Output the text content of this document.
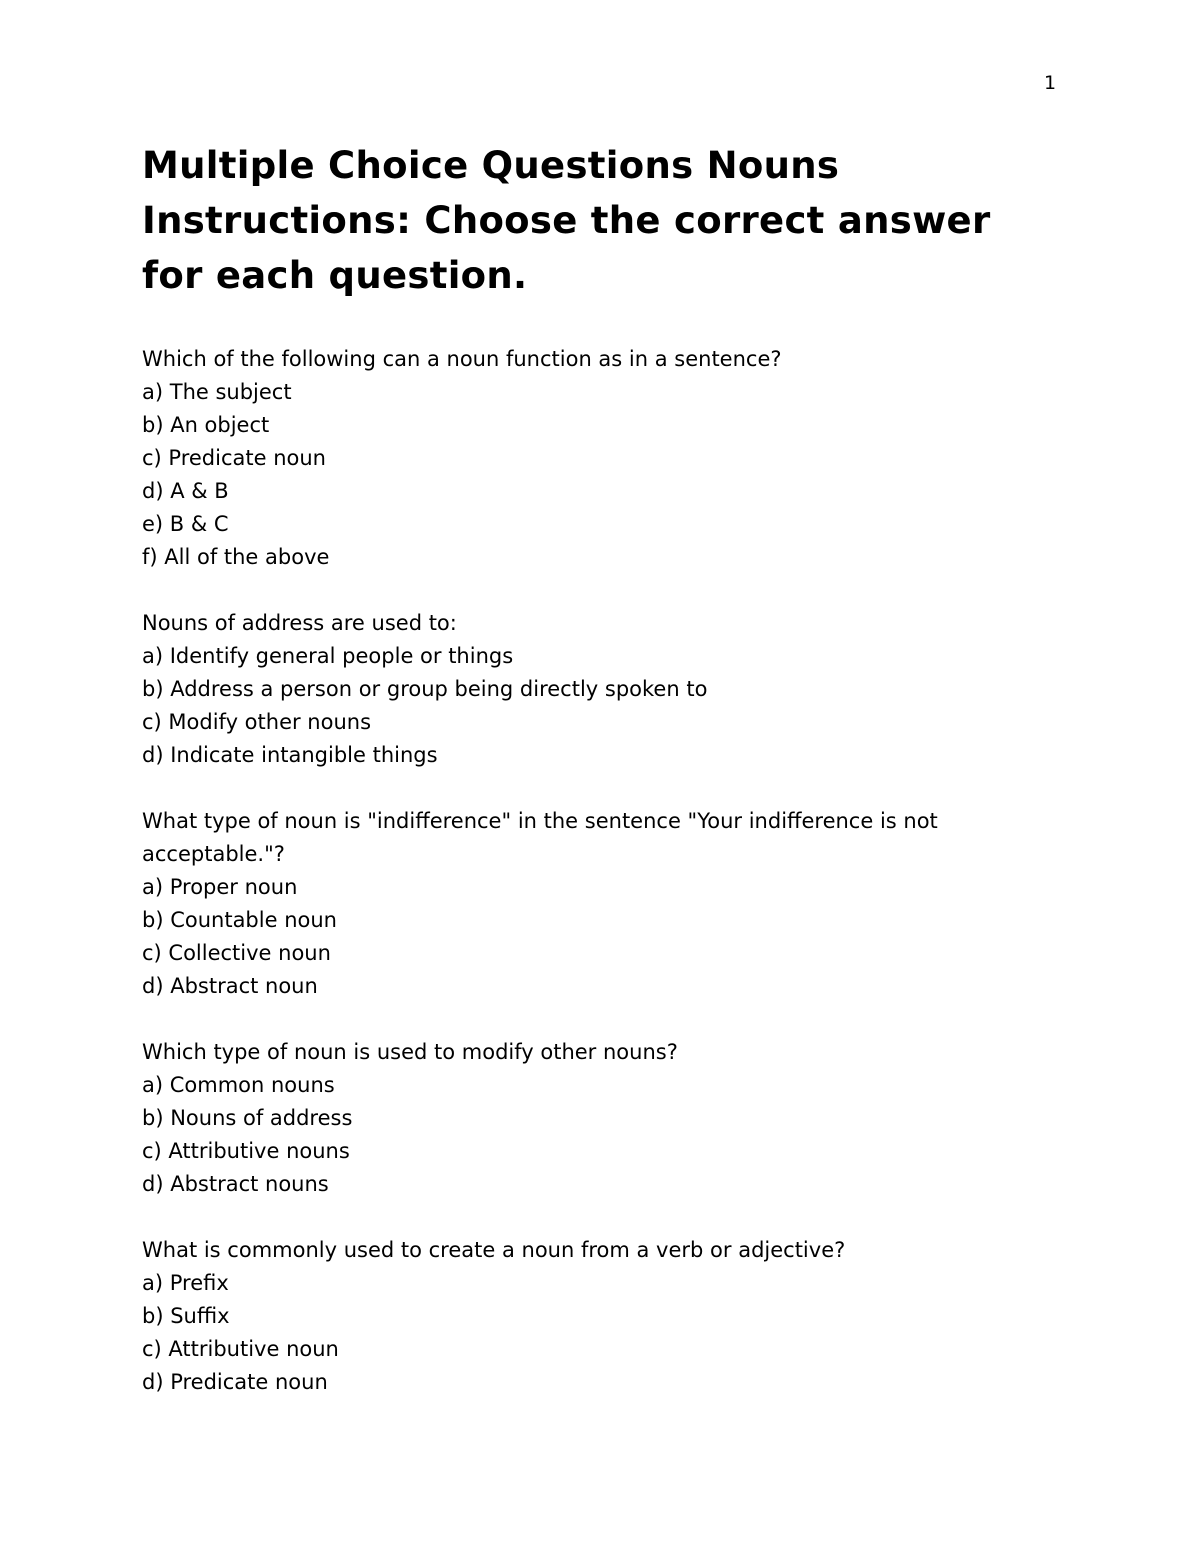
1
Multiple Choice Questions Nouns
Instructions: Choose the correct answer
for each question.
Which of the following can a noun function as in a sentence?
a) The subject
b) An object
c) Predicate noun
d) A & B
e) B & C
f) All of the above
Nouns of address are used to:
a) Identify general people or things
b) Address a person or group being directly spoken to
c) Modify other nouns
d) Indicate intangible things
What type of noun is "indifference" in the sentence "Your indifference is not acceptable."?
a) Proper noun
b) Countable noun
c) Collective noun
d) Abstract noun
Which type of noun is used to modify other nouns?
a) Common nouns
b) Nouns of address
c) Attributive nouns
d) Abstract nouns
What is commonly used to create a noun from a verb or adjective?
a) Prefix
b) Suffix
c) Attributive noun
d) Predicate noun
